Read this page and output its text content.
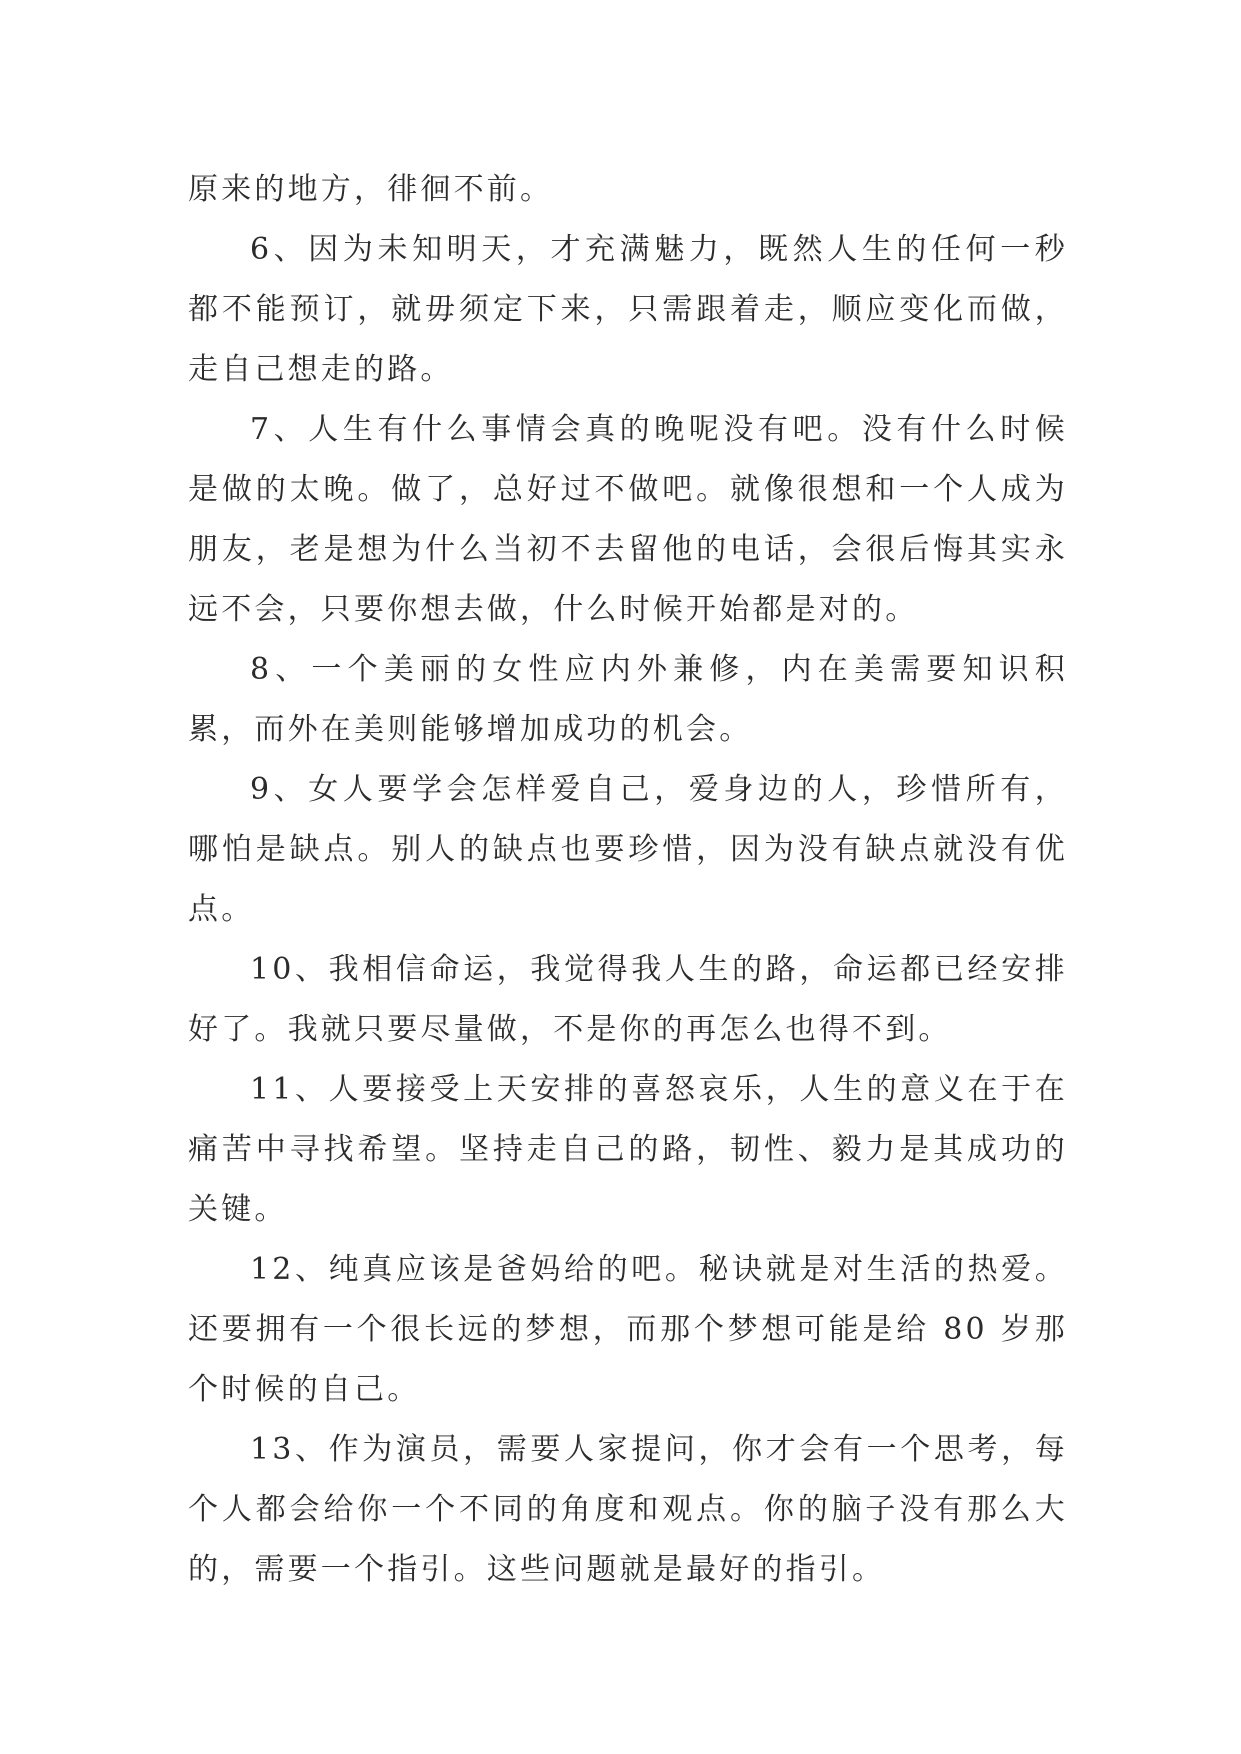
原来的地方，徘徊不前。

6、因为未知明天，才充满魅力，既然人生的任何一秒都不能预订，就毋须定下来，只需跟着走，顺应变化而做，走自己想走的路。

7、人生有什么事情会真的晚呢没有吧。没有什么时候是做的太晚。做了，总好过不做吧。就像很想和一个人成为朋友，老是想为什么当初不去留他的电话，会很后悔其实永远不会，只要你想去做，什么时候开始都是对的。

8、一个美丽的女性应内外兼修，内在美需要知识积累，而外在美则能够增加成功的机会。

9、女人要学会怎样爱自己，爱身边的人，珍惜所有，哪怕是缺点。别人的缺点也要珍惜，因为没有缺点就没有优点。

10、我相信命运，我觉得我人生的路，命运都已经安排好了。我就只要尽量做，不是你的再怎么也得不到。

11、人要接受上天安排的喜怒哀乐，人生的意义在于在痛苦中寻找希望。坚持走自己的路，韧性、毅力是其成功的关键。

12、纯真应该是爸妈给的吧。秘诀就是对生活的热爱。还要拥有一个很长远的梦想，而那个梦想可能是给 80 岁那个时候的自己。

13、作为演员，需要人家提问，你才会有一个思考，每个人都会给你一个不同的角度和观点。你的脑子没有那么大的，需要一个指引。这些问题就是最好的指引。
